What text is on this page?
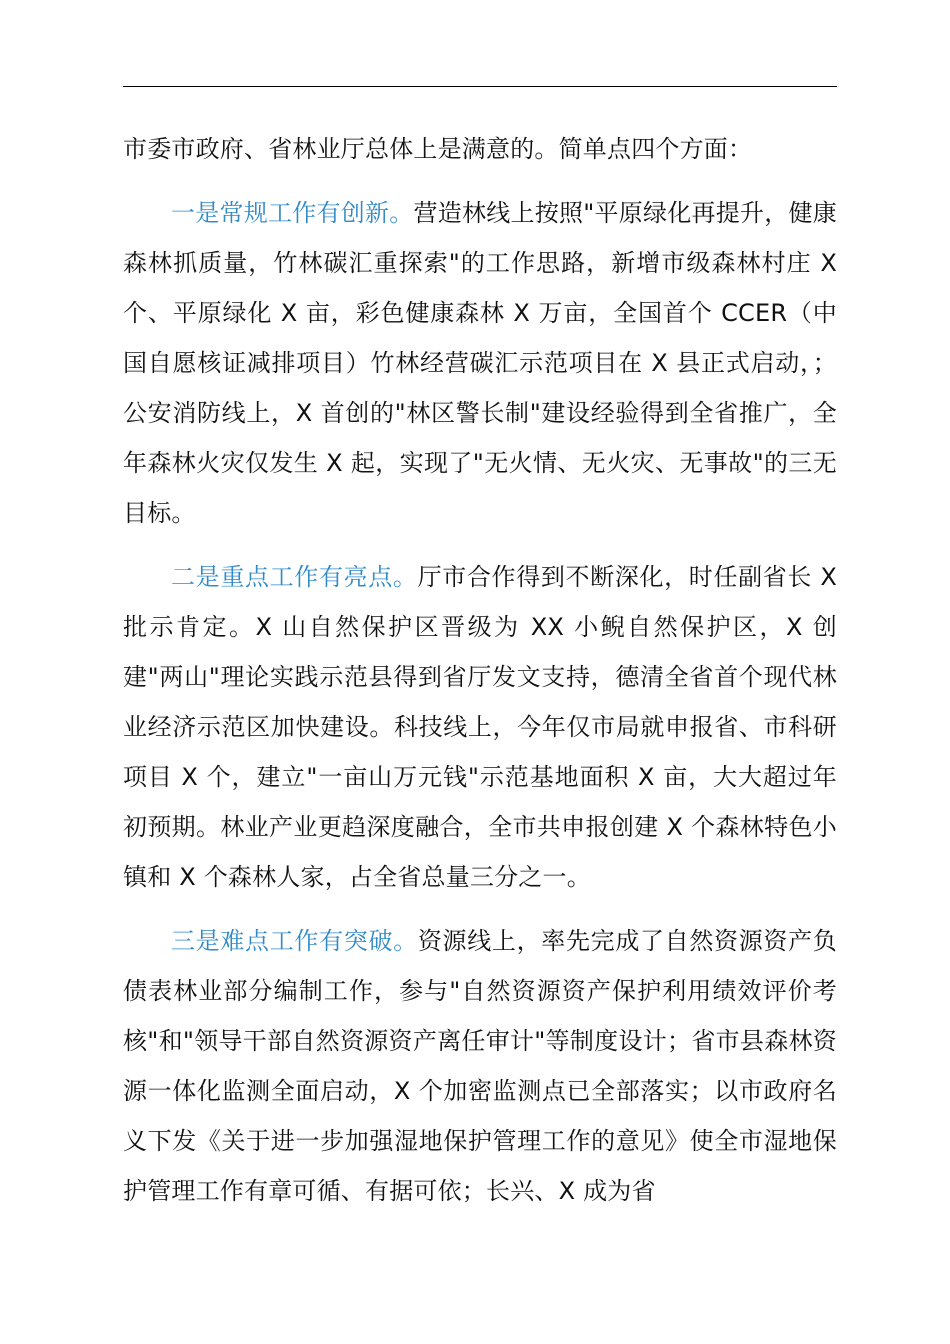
市委市政府、省林业厅总体上是满意的。简单点四个方面：

一是常规工作有创新。营造林线上按照"平原绿化再提升，健康森林抓质量，竹林碳汇重探索"的工作思路，新增市级森林村庄 X 个、平原绿化 X 亩，彩色健康森林 X 万亩，全国首个 CCER（中国自愿核证减排项目）竹林经营碳汇示范项目在 X 县正式启动，；公安消防线上，X 首创的"林区警长制"建设经验得到全省推广，全年森林火灾仅发生 X 起，实现了"无火情、无火灾、无事故"的三无目标。

二是重点工作有亮点。厅市合作得到不断深化，时任副省长 X 批示肯定。X 山自然保护区晋级为 XX 小鲵自然保护区，X 创建"两山"理论实践示范县得到省厅发文支持，德清全省首个现代林业经济示范区加快建设。科技线上，今年仅市局就申报省、市科研项目 X 个，建立"一亩山万元钱"示范基地面积 X 亩，大大超过年初预期。林业产业更趋深度融合，全市共申报创建 X 个森林特色小镇和 X 个森林人家，占全省总量三分之一。

三是难点工作有突破。资源线上，率先完成了自然资源资产负债表林业部分编制工作，参与"自然资源资产保护利用绩效评价考核"和"领导干部自然资源资产离任审计"等制度设计；省市县森林资源一体化监测全面启动，X 个加密监测点已全部落实；以市政府名义下发《关于进一步加强湿地保护管理工作的意见》使全市湿地保护管理工作有章可循、有据可依；长兴、X 成为省
